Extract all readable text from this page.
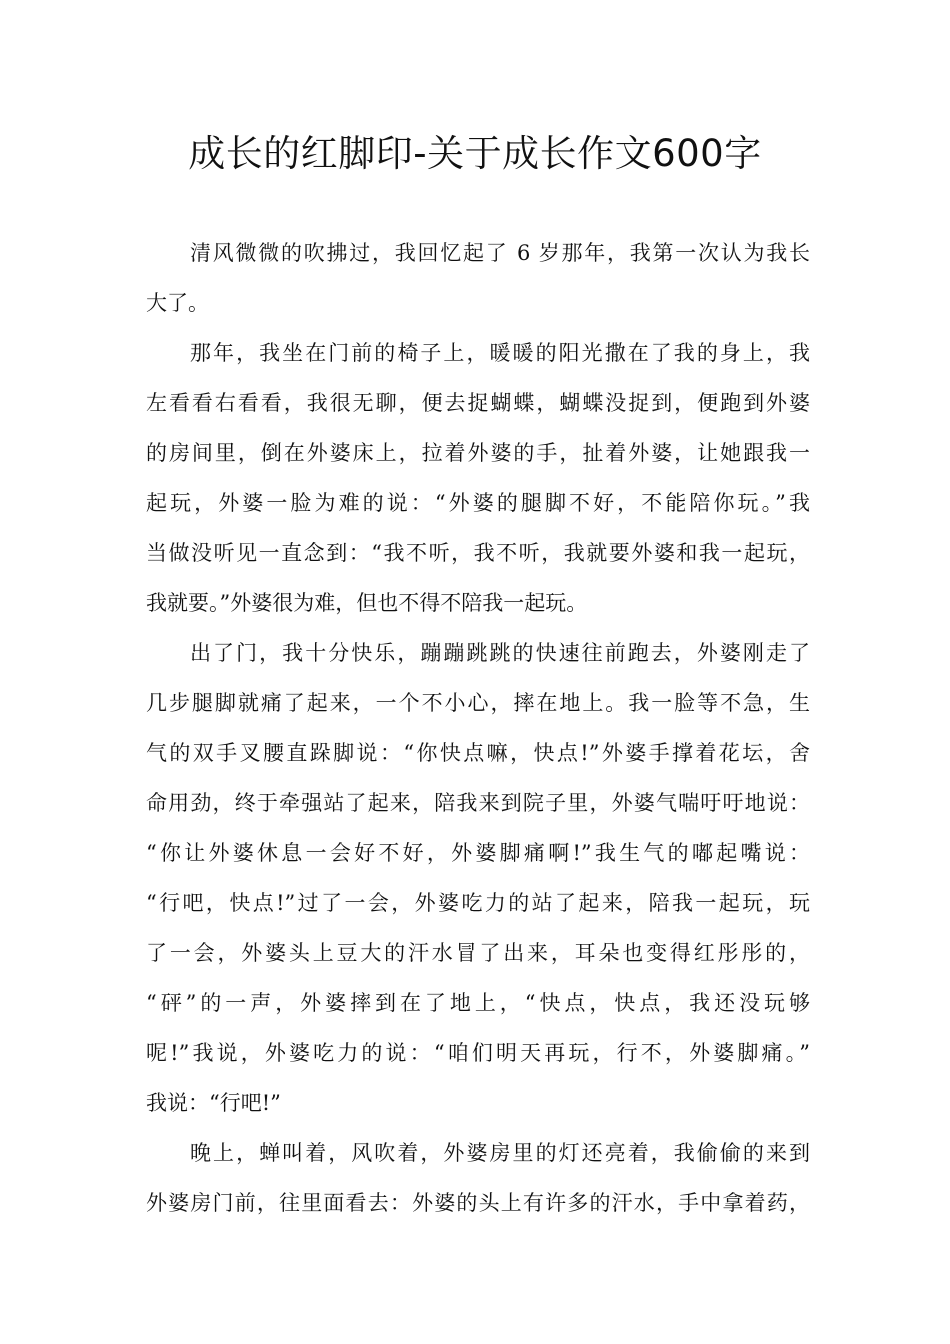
成长的红脚印-关于成长作文600字
清风微微的吹拂过，我回忆起了 6 岁那年，我第一次认为我长
大了。
那年，我坐在门前的椅子上，暖暖的阳光撒在了我的身上，我
左看看右看看，我很无聊，便去捉蝴蝶，蝴蝶没捉到，便跑到外婆
的房间里，倒在外婆床上，拉着外婆的手，扯着外婆，让她跟我一
起玩，外婆一脸为难的说：“外婆的腿脚不好，不能陪你玩。”我
当做没听见一直念到：“我不听，我不听，我就要外婆和我一起玩，
我就要。”外婆很为难，但也不得不陪我一起玩。
出了门，我十分快乐，蹦蹦跳跳的快速往前跑去，外婆刚走了
几步腿脚就痛了起来，一个不小心，摔在地上。我一脸等不急，生
气的双手叉腰直跺脚说：“你快点嘛，快点!”外婆手撑着花坛，舍
命用劲，终于牵强站了起来，陪我来到院子里，外婆气喘吁吁地说：
“你让外婆休息一会好不好，外婆脚痛啊!”我生气的嘟起嘴说：
“行吧，快点!”过了一会，外婆吃力的站了起来，陪我一起玩，玩
了一会，外婆头上豆大的汗水冒了出来，耳朵也变得红彤彤的，
“砰”的一声，外婆摔到在了地上，“快点，快点，我还没玩够
呢!”我说，外婆吃力的说：“咱们明天再玩，行不，外婆脚痛。”
我说：“行吧!”
晚上，蝉叫着，风吹着，外婆房里的灯还亮着，我偷偷的来到
外婆房门前，往里面看去：外婆的头上有许多的汗水，手中拿着药，
